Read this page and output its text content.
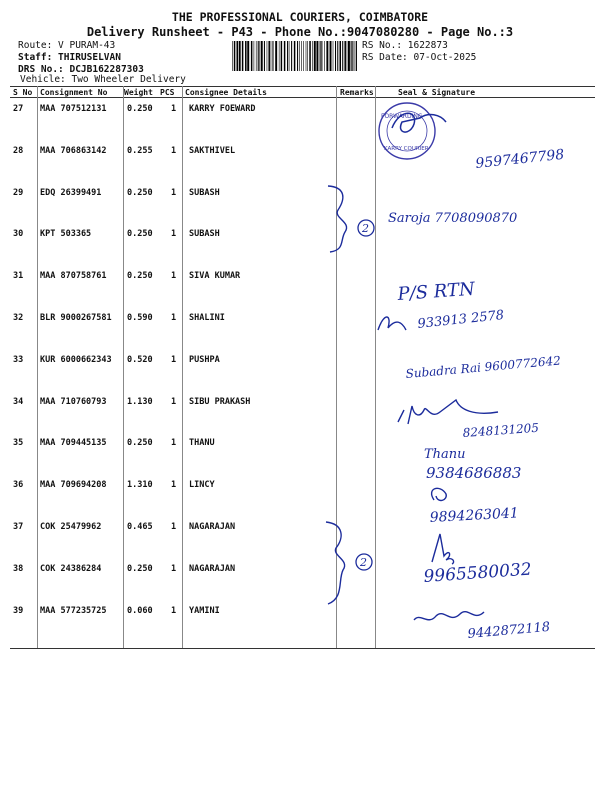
THE PROFESSIONAL COURIERS, COIMBATORE
Delivery Runsheet - P43 - Phone No.:9047080280 - Page No.:3
Route: V PURAM-43
Staff: THIRUSELVAN
DRS No.: DCJB162287303
Vehicle: Two Wheeler Delivery
RS No.: 1622873
RS Date: 07-Oct-2025
S No Consignment No Weight PCS Consignee Details	Remarks	Seal & Signature
27 MAA 707512131 0.250 1 KARRY FOEWARD
28 MAA 706863142 0.255 1 SAKTHIVEL
29 EDQ 26399491	0.250 1 SUBASH
30 KPT 503365	0.250 1 SUBASH
31 MAA 870758761 0.250 1 SIVA KUMAR
32 BLR 9000267581 0.590 1 SHALINI
33 KUR 6000662343 0.520 1 PUSHPA
34 MAA 710760793 1.130 1 SIBU PRAKASH
35 MAA 709445135 0.250 1 THANU
36 MAA 709694208 1.310 1 LINCY
37 COK 25479962	0.465 1 NAGARAJAN
38 COK 24386284	0.250 1 NAGARAJAN
39 MAA 577235725 0.060 1 YAMINI
FORWARDING
KARRY COURIER	9597467798
2
Saroja 7708090870
P/S RTN
933913 2578
Subadra Rai 9600772642
8248131205
Thanu
9384686883
9894263041
2	9965580032
9442872118
